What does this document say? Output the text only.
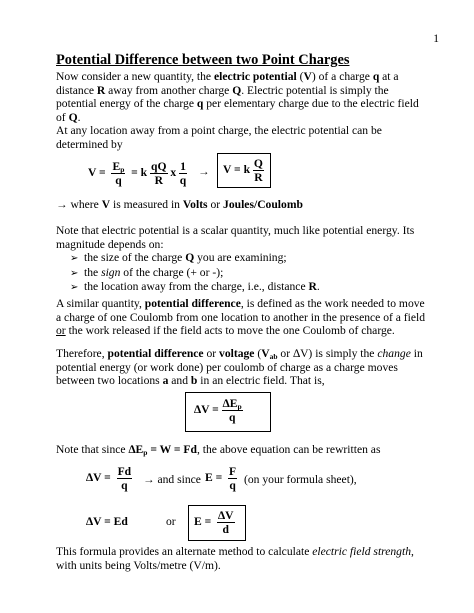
1
Potential Difference between two Point Charges
Now consider a new quantity, the electric potential (V) of a charge q at a distance R away from another charge Q. Electric potential is simply the potential energy of the charge q per elementary charge due to the electric field of Q.
At any location away from a point charge, the electric potential can be determined by
$V = \frac{E_p}{q} = k \frac{qQ}{R}$ x $\frac{1}{q} \to V = k \frac{Q}{R}$
→ where V is measured in Volts or Joules/Coulomb
Note that electric potential is a scalar quantity, much like potential energy. Its magnitude depends on:
➢ the size of the charge Q you are examining;
➢ the sign of the charge (+ or -);
➢ the location away from the charge, i.e., distance R.
A similar quantity, potential difference, is defined as the work needed to move a charge of one Coulomb from one location to another in the presence of a field or the work released if the field acts to move the one Coulomb of charge.
Therefore, potential difference or voltage ($V_{ab}$ or ∆V) is simply the change in potential energy (or work done) per coulomb of charge as a charge moves between two locations a and b in an electric field. That is,
$\Delta V = \frac{\Delta E_p}{q}$
Note that since $\Delta E_p = W = Fd$, the above equation can be rewritten as
$\Delta V = \frac{Fd}{q}$ → and since $E = \frac{F}{q} (on$ your formula sheet),
∆V = Ed	or $E = \frac{\Delta V}{d}$
This formula provides an alternate method to calculate electric field strength, with units being Volts/metre (V/m).
